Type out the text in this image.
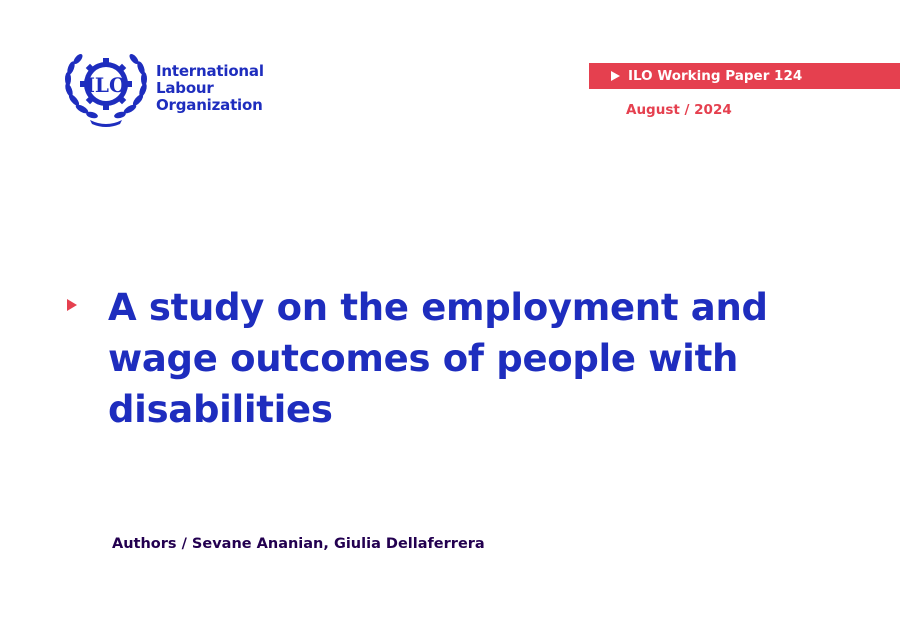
ILO
International
Labour
Organization
ILO Working Paper 124
August / 2024
A study on the employment and
wage outcomes of people with
disabilities
Authors / Sevane Ananian, Giulia Dellaferrera
